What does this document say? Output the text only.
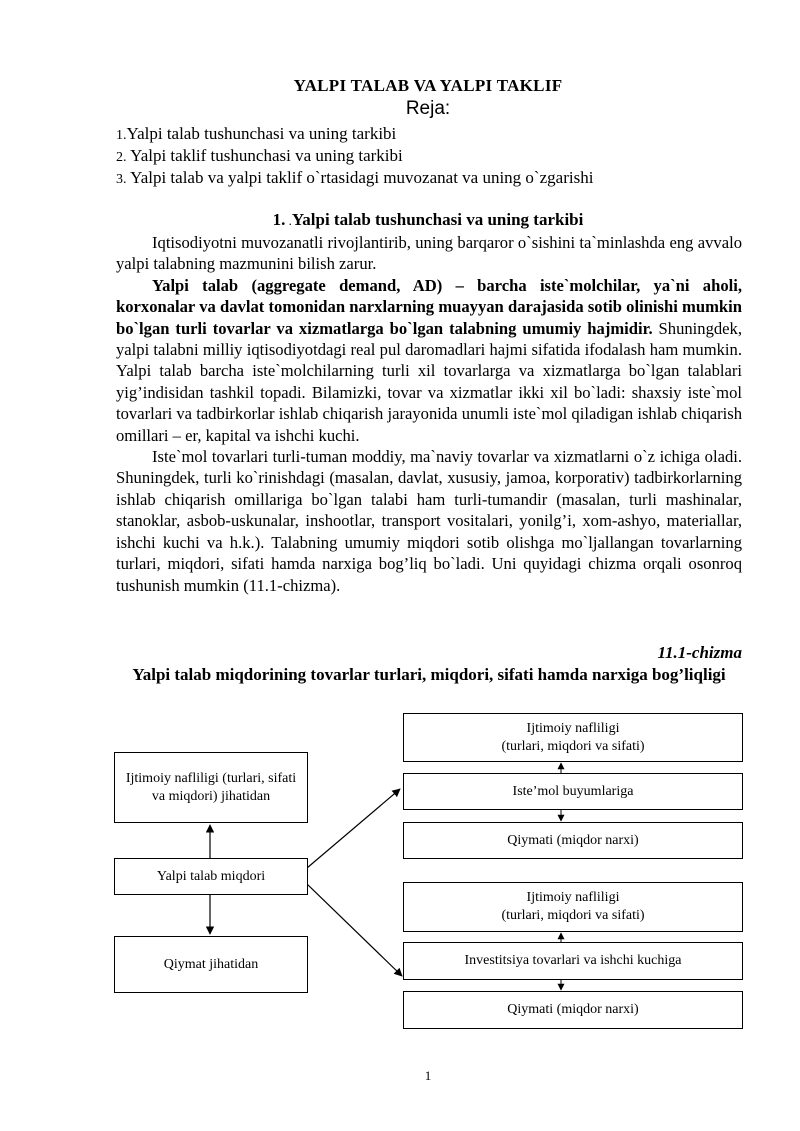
YALPI TALAB VA YALPI TAKLIF
Reja:
1.Yalpi talab tushunchasi va uning tarkibi
2. Yalpi taklif tushunchasi va uning tarkibi
3. Yalpi talab va yalpi taklif o`rtasidagi muvozanat va uning o`zgarishi
1. .Yalpi talab tushunchasi va uning tarkibi

Iqtisodiyotni muvozanatli rivojlantirib, uning barqaror o`sishini ta`minlashda eng avvalo yalpi talabning mazmunini bilish zarur.

Yalpi talab (aggregate demand, AD) – barcha iste`molchilar, ya`ni aholi, korxonalar va davlat tomonidan narxlarning muayyan darajasida sotib olinishi mumkin bo`lgan turli tovarlar va xizmatlarga bo`lgan talabning umumiy hajmidir. Shuningdek, yalpi talabni milliy iqtisodiyotdagi real pul daromadlari hajmi sifatida ifodalash ham mumkin. Yalpi talab barcha iste`molchilarning turli xil tovarlarga va xizmatlarga bo`lgan talablari yig’indisidan tashkil topadi. Bilamizki, tovar va xizmatlar ikki xil bo`ladi: shaxsiy iste`mol tovarlari va tadbirkorlar ishlab chiqarish jarayonida unumli iste`mol qiladigan ishlab chiqarish omillari – er, kapital va ishchi kuchi.

Iste`mol tovarlari turli-tuman moddiy, ma`naviy tovarlar va xizmatlarni o`z ichiga oladi. Shuningdek, turli ko`rinishdagi (masalan, davlat, xususiy, jamoa, korporativ) tadbirkorlarning ishlab chiqarish omillariga bo`lgan talabi ham turli-tumandir (masalan, turli mashinalar, stanoklar, asbob-uskunalar, inshootlar, transport vositalari, yonilg’i, xom-ashyo, materiallar, ishchi kuchi va h.k.). Talabning umumiy miqdori sotib olishga mo`ljallangan tovarlarning turlari, miqdori, sifati hamda narxiga bog’liq bo`ladi. Uni quyidagi chizma orqali osonroq tushunish mumkin (11.1-chizma).

11.1-chizma
Yalpi talab miqdorining tovarlar turlari, miqdori, sifati hamda narxiga bog’liqligi
Ijtimoiy nafliligi (turlari, sifati va miqdori) jihatidan
Yalpi talab miqdori
Qiymat jihatidan
Ijtimoiy nafliligi
(turlari, miqdori va sifati)
Iste’mol buyumlariga
Qiymati (miqdor narxi)
Ijtimoiy nafliligi
(turlari, miqdori va sifati)
Investitsiya tovarlari va ishchi kuchiga
Qiymati (miqdor narxi)
1
